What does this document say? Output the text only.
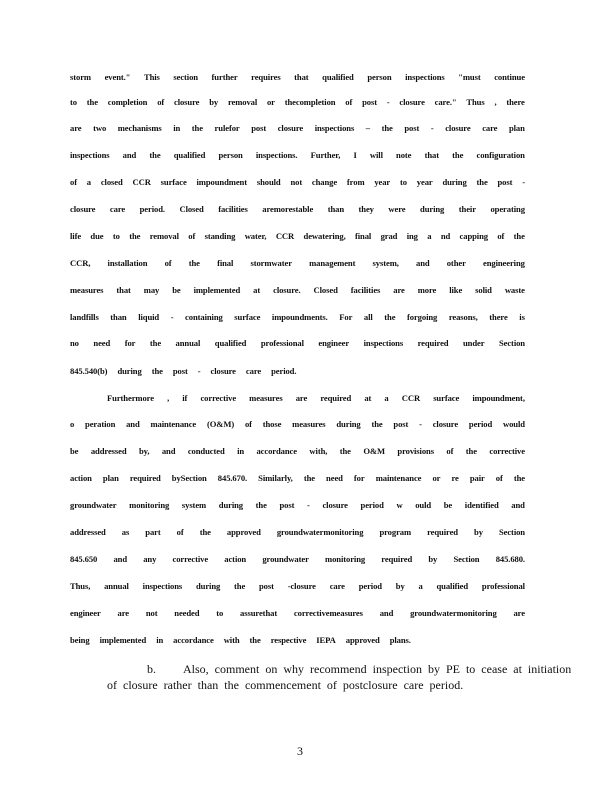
storm event." This section further requires that qualified person inspections "must continue
to the completion of closure by removal or thecompletion of post - closure care." Thus , there
are two mechanisms in the rulefor post closure inspections – the post - closure care plan
inspections and the qualified person inspections. Further, I will note that the configuration
of a closed CCR surface impoundment should not change from year to year during the post -
closure care period. Closed facilities aremorestable than they were during their operating
life due to the removal of standing water, CCR dewatering, final grad ing a nd capping of the
CCR, installation of the final stormwater management system, and other engineering
measures that may be implemented at closure. Closed facilities are more like solid waste
landfills than liquid - containing surface impoundments. For all the forgoing reasons, there is
no need for the annual qualified professional engineer inspections required under Section
845.540(b) during the post - closure care period.
Furthermore , if corrective measures are required at a CCR surface impoundment,
o peration and maintenance (O&M) of those measures during the post - closure period would
be addressed by, and conducted in accordance with, the O&M provisions of the corrective
action plan required bySection 845.670. Similarly, the need for maintenance or re pair of the
groundwater monitoring system during the post - closure period w ould be identified and
addressed as part of the approved groundwatermonitoring program required by Section
845.650 and any corrective action groundwater monitoring required by Section 845.680.
Thus, annual inspections during the post -closure care period by a qualified professional
engineer are not needed to assurethat correctivemeasures and groundwatermonitoring are
being implemented in accordance with the respective IEPA approved plans.
b. Also, comment on why recommend inspection by PE to cease at initiation
of closure rather than the commencement of postclosure care period.
3
